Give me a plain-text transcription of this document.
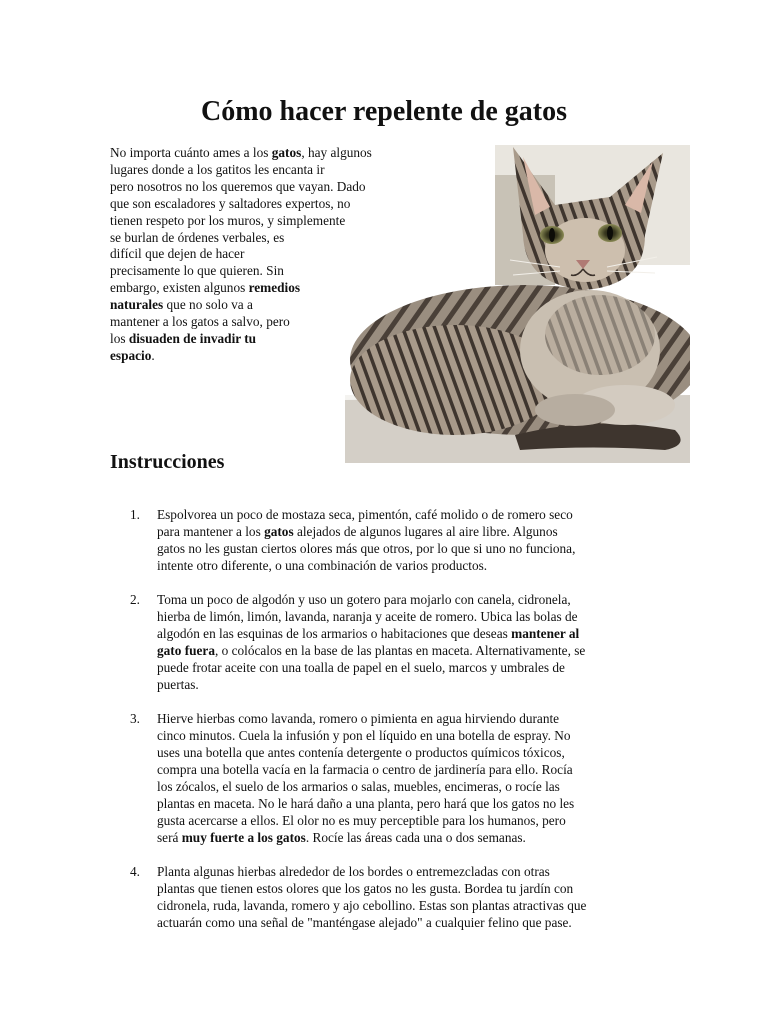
Cómo hacer repelente de gatos
No importa cuánto ames a los gatos, hay algunos
lugares donde a los gatitos les encanta ir
pero nosotros no los queremos que vayan. Dado
que son escaladores y saltadores expertos, no
tienen respeto por los muros, y simplemente
se burlan de órdenes verbales, es
difícil que dejen de hacer
precisamente lo que quieren. Sin
embargo, existen algunos remedios
naturales que no solo va a
mantener a los gatos a salvo, pero
los disuaden de invadir tu
espacio.
Instrucciones
1. Espolvorea un poco de mostaza seca, pimentón, café molido o de romero seco
para mantener a los gatos alejados de algunos lugares al aire libre. Algunos
gatos no les gustan ciertos olores más que otros, por lo que si uno no funciona,
intente otro diferente, o una combinación de varios productos.
2. Toma un poco de algodón y uso un gotero para mojarlo con canela, cidronela,
hierba de limón, limón, lavanda, naranja y aceite de romero. Ubica las bolas de
algodón en las esquinas de los armarios o habitaciones que deseas mantener al
gato fuera, o colócalos en la base de las plantas en maceta. Alternativamente, se
puede frotar aceite con una toalla de papel en el suelo, marcos y umbrales de
puertas.
3. Hierve hierbas como lavanda, romero o pimienta en agua hirviendo durante
cinco minutos. Cuela la infusión y pon el líquido en una botella de espray. No
uses una botella que antes contenía detergente o productos químicos tóxicos,
compra una botella vacía en la farmacia o centro de jardinería para ello. Rocía
los zócalos, el suelo de los armarios o salas, muebles, encimeras, o rocíe las
plantas en maceta. No le hará daño a una planta, pero hará que los gatos no les
gusta acercarse a ellos. El olor no es muy perceptible para los humanos, pero
será muy fuerte a los gatos. Rocíe las áreas cada una o dos semanas.
4. Planta algunas hierbas alrededor de los bordes o entremezcladas con otras
plantas que tienen estos olores que los gatos no les gusta. Bordea tu jardín con
cidronela, ruda, lavanda, romero y ajo cebollino. Estas son plantas atractivas que
actuarán como una señal de "manténgase alejado" a cualquier felino que pase.
